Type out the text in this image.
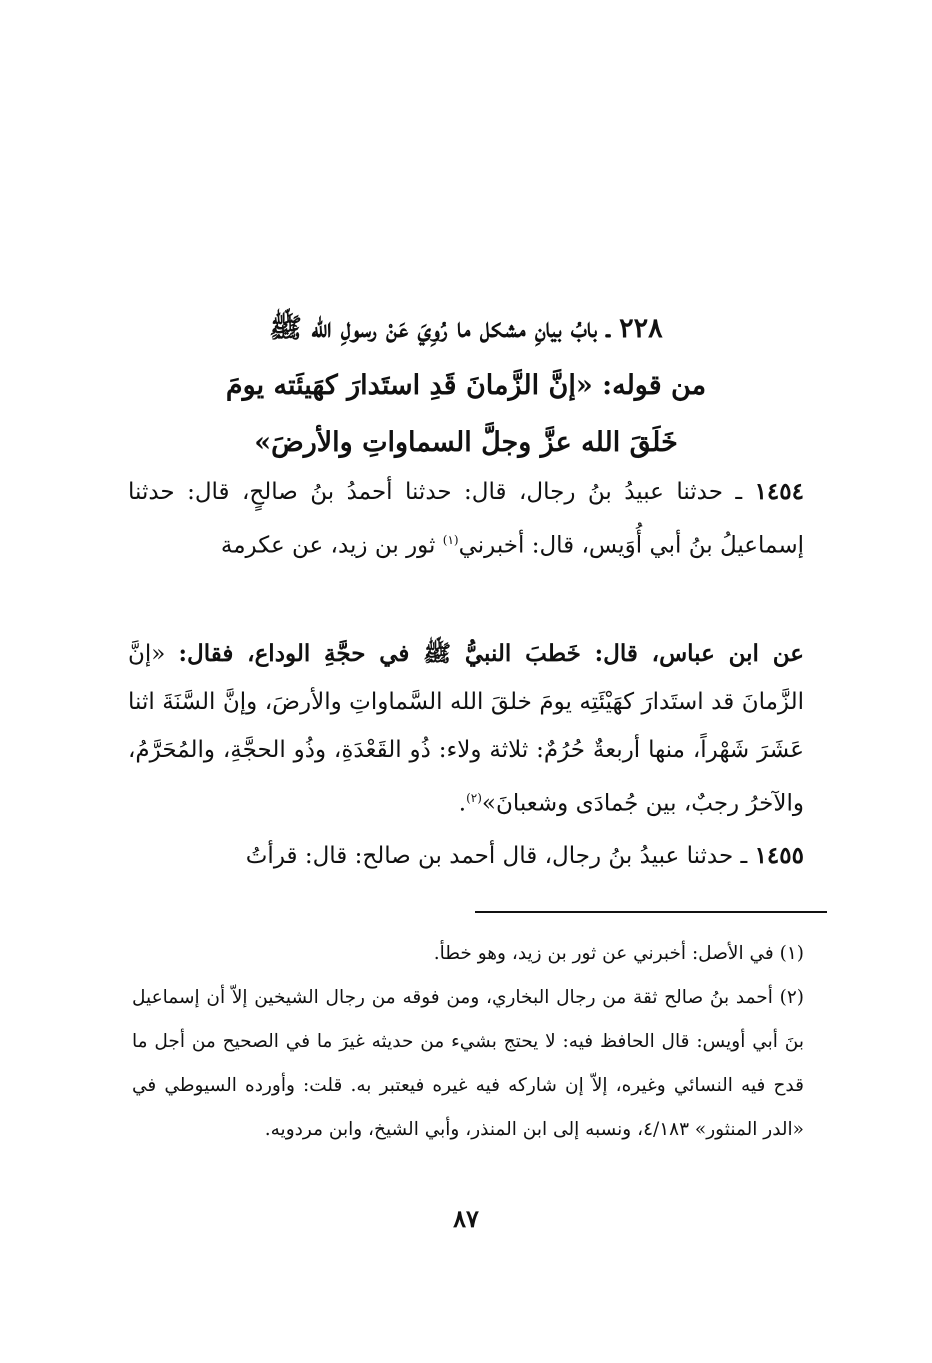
٢٢٨ ـ بابُ بيانِ مشكل ما رُوِيَ عَنْ رسولِ الله ﷺ
من قوله: «إنَّ الزَّمانَ قَدِ استَدارَ كهَيئَته يومَ
خَلَقَ الله عزَّ وجلَّ السماواتِ والأرضَ»

١٤٥٤ ـ حدثنا عبيدُ بنُ رجال، قال: حدثنا أحمدُ بنُ صالحٍ، قال: حدثنا إسماعيلُ بنُ أبي أُوَيس، قال: أخبرني$^{(١)}$ ثور بن زيد، عن عكرمة

عن ابن عباس، قال: خَطبَ النبيُّ ﷺ في حجَّةِ الوداع، فقال: «إنَّ الزَّمانَ قد استَدارَ كهَيْئَتِه يومَ خلقَ الله السَّماواتِ والأرضَ، وإنَّ السَّنَةَ اثنا عَشَرَ شَهْراً، منها أربعةٌ حُرُمٌ: ثلاثة ولاء: ذُو القَعْدَةِ، وذُو الحجَّةِ، والمُحَرَّمُ، والآخرُ رجبٌ، بين جُمادَى وشعبانَ»$^{(٢)}$.

١٤٥٥ ـ حدثنا عبيدُ بنُ رجال، قال أحمد بن صالح: قال: قرأتُ

(١) في الأصل: أخبرني عن ثور بن زيد، وهو خطأ.

(٢) أحمد بنُ صالح ثقة من رجال البخاري، ومن فوقه من رجال الشيخين إلاّ أن إسماعيل بنَ أبي أويس: قال الحافظ فيه: لا يحتج بشيء من حديثه غيرَ ما في الصحيح من أجل ما قدح فيه النسائي وغيره، إلاّ إن شاركه فيه غيره فيعتبر به. قلت: وأورده السيوطي في «الدر المنثور» ٤/١٨٣، ونسبه إلى ابن المنذر، وأبي الشيخ، وابن مردويه.

٨٧
